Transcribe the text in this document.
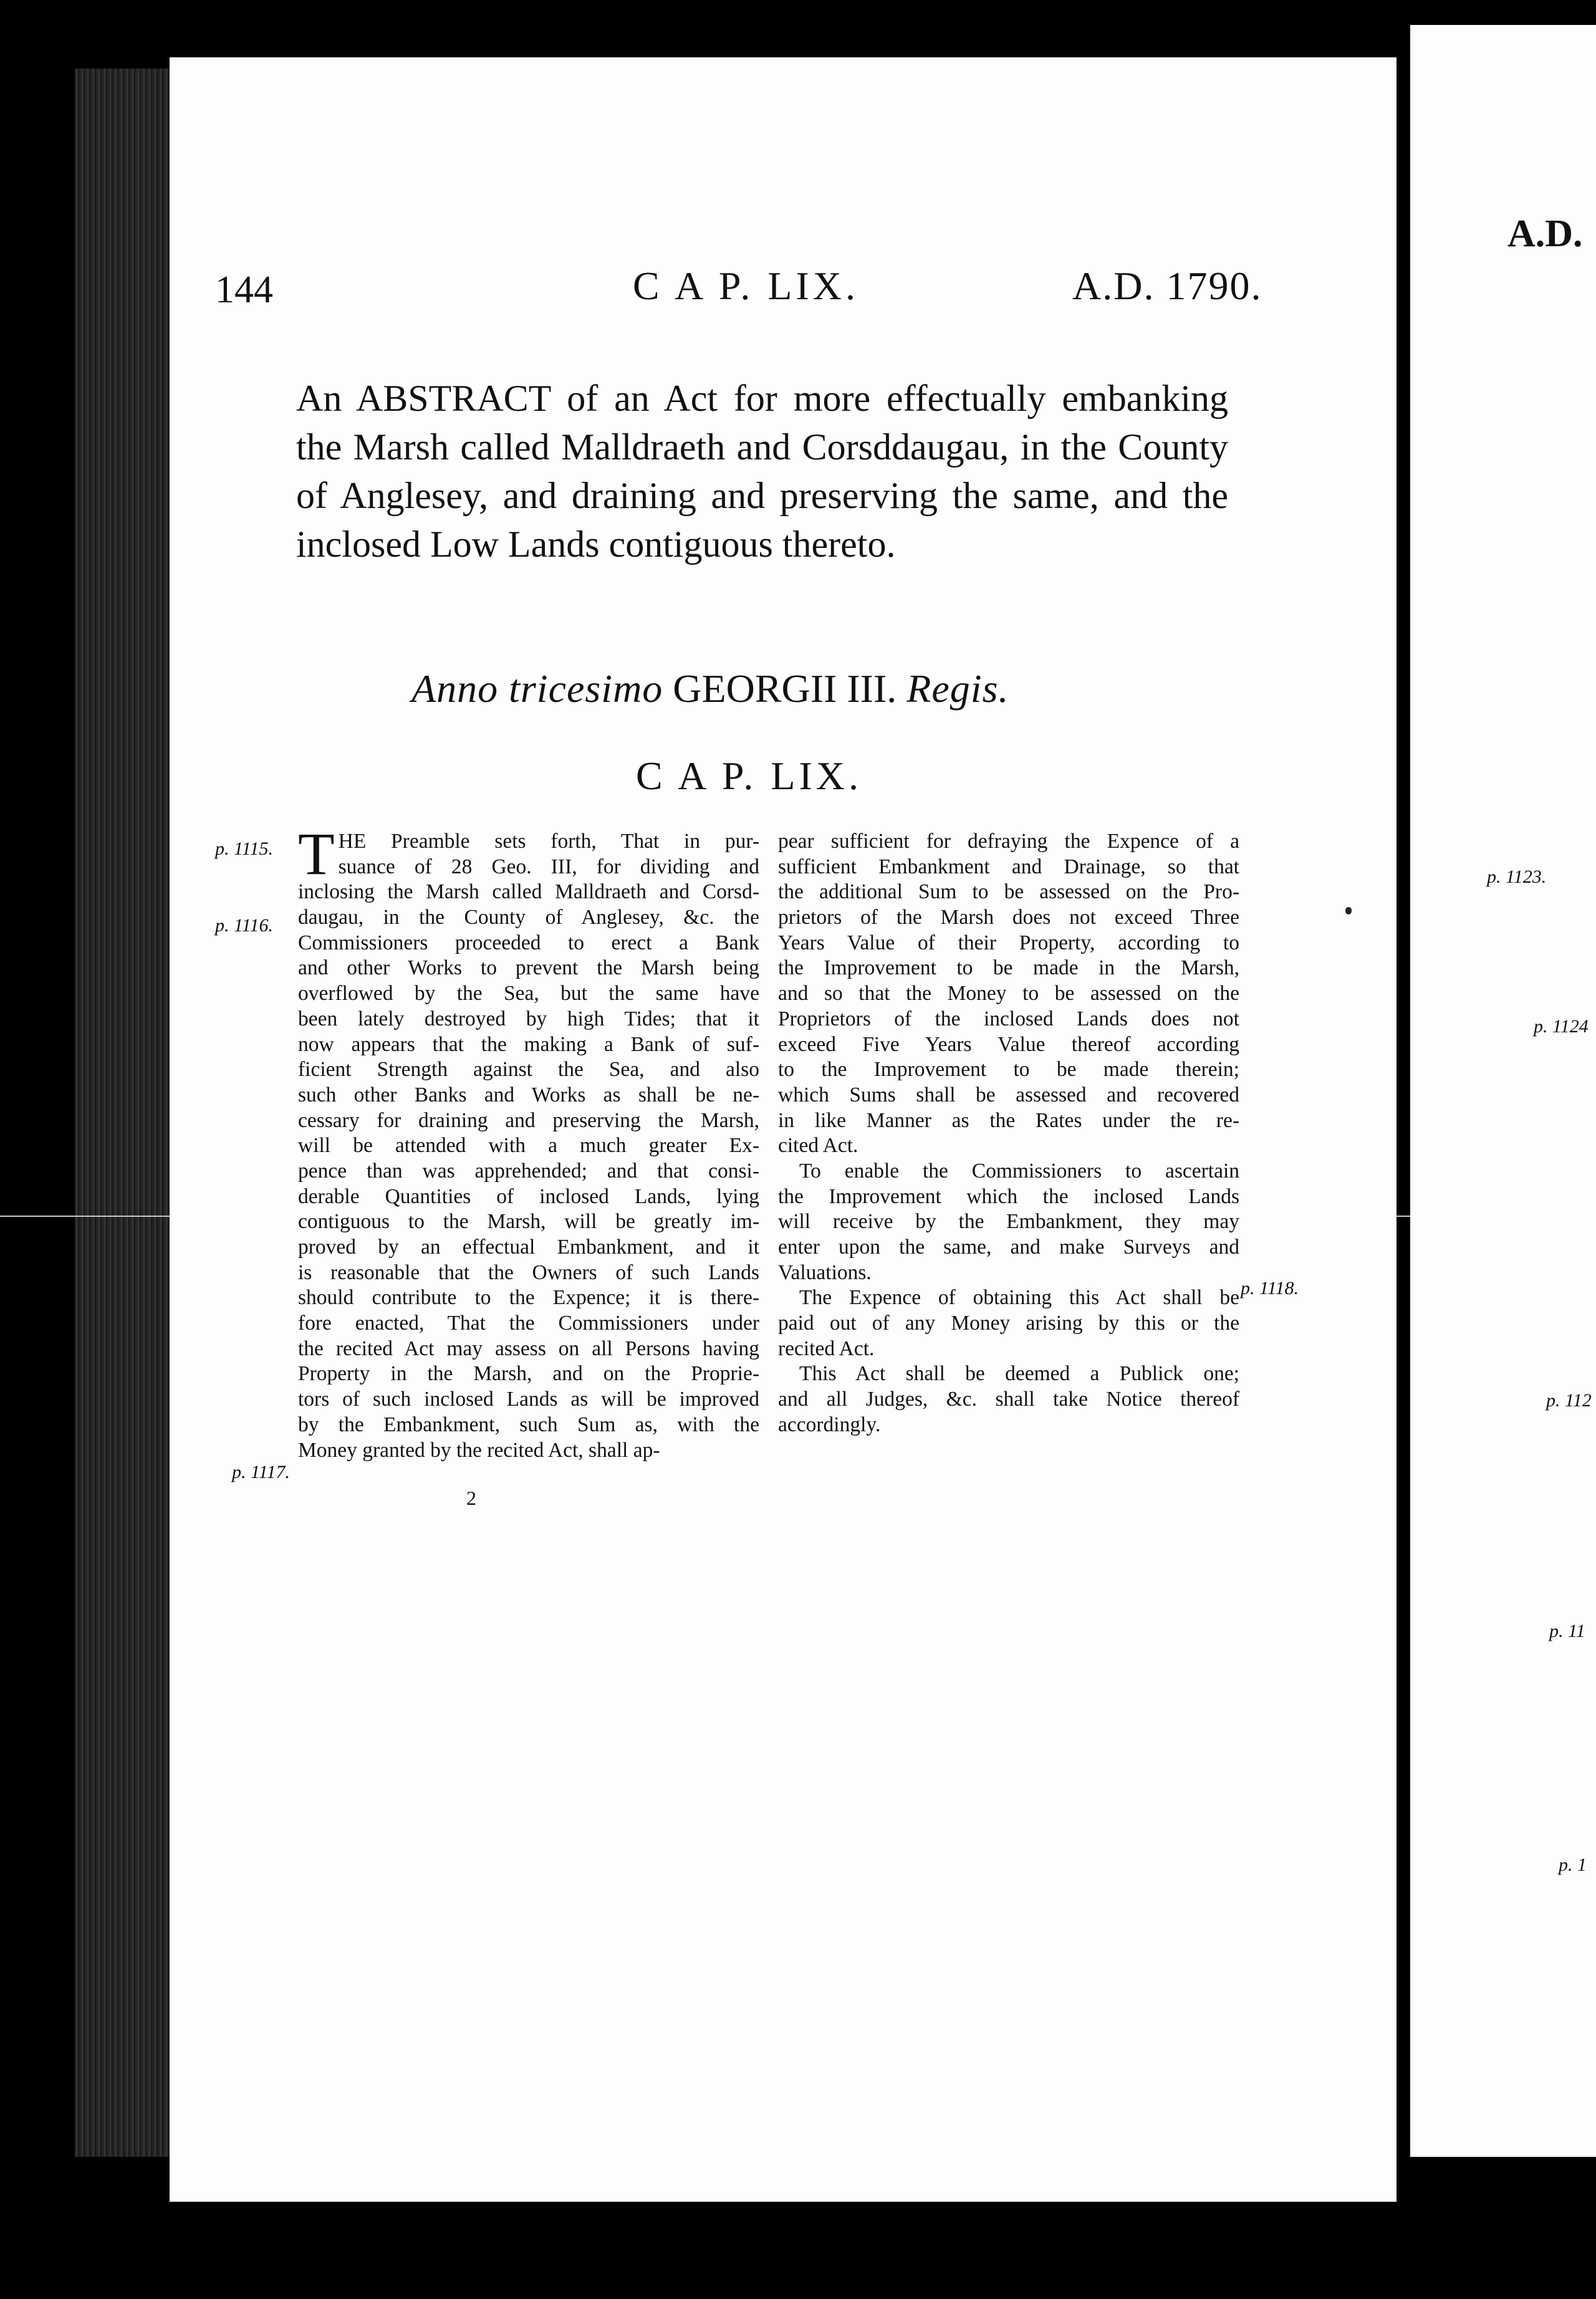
144	C A P. LIX.	A.D. 1790.
An ABSTRACT of an Act for more effectually embanking the Marsh called Malldraeth and Corsddaugau, in the County of Anglesey, and draining and preserving the same, and the inclosed Low Lands contiguous thereto.
Anno tricesimo GEORGII III. Regis.
C A P. LIX.
T HE Preamble sets forth, That in pur-
suance of 28 Geo. III, for dividing and
inclosing the Marsh called Malldraeth and Corsd-
daugau, in the County of Anglesey, &c. the
Commissioners proceeded to erect a Bank
and other Works to prevent the Marsh being
overflowed by the Sea, but the same have
been lately destroyed by high Tides; that it
now appears that the making a Bank of suf-
ficient Strength against the Sea, and also
such other Banks and Works as shall be ne-
cessary for draining and preserving the Marsh,
will be attended with a much greater Ex-
pence than was apprehended; and that consi-
derable Quantities of inclosed Lands, lying
contiguous to the Marsh, will be greatly im-
proved by an effectual Embankment, and it
is reasonable that the Owners of such Lands
should contribute to the Expence; it is there-
fore enacted, That the Commissioners under
the recited Act may assess on all Persons having
Property in the Marsh, and on the Proprie-
tors of such inclosed Lands as will be improved
by the Embankment, such Sum as, with the
Money granted by the recited Act, shall ap-
pear sufficient for defraying the Expence of a
sufficient Embankment and Drainage, so that
the additional Sum to be assessed on the Pro-
prietors of the Marsh does not exceed Three
Years Value of their Property, according to
the Improvement to be made in the Marsh,
and so that the Money to be assessed on the
Proprietors of the inclosed Lands does not
exceed Five Years Value thereof according
to the Improvement to be made therein;
which Sums shall be assessed and recovered
in like Manner as the Rates under the re-
cited Act.
To enable the Commissioners to ascertain
the Improvement which the inclosed Lands
will receive by the Embankment, they may
enter upon the same, and make Surveys and
Valuations.
The Expence of obtaining this Act shall be
paid out of any Money arising by this or the
recited Act.
This Act shall be deemed a Publick one;
and all Judges, &c. shall take Notice thereof
accordingly.
p. 1115.
p. 1116.
p. 1117.
p. 1118.
2
A.D.
p. 1123.
p. 1124
p. 112
p. 11
p. 1
